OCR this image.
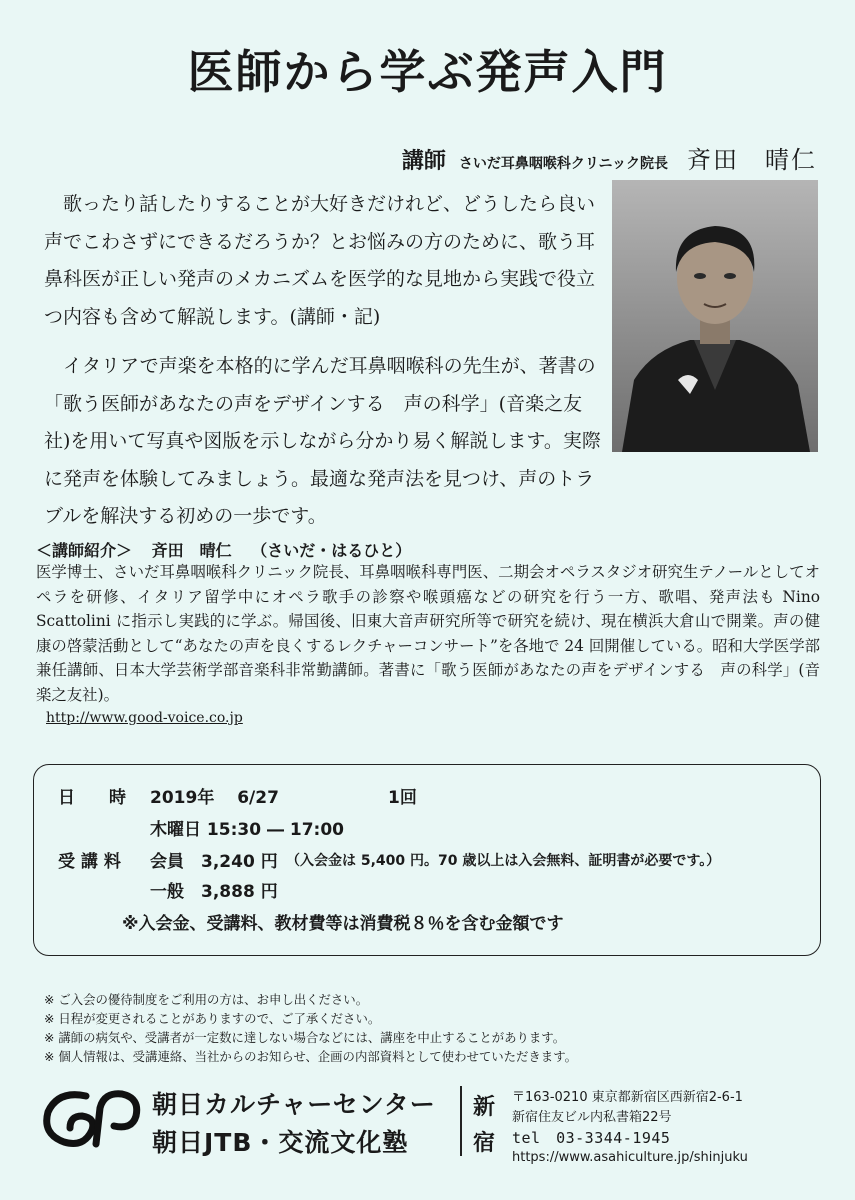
医師から学ぶ発声入門
講師 さいだ耳鼻咽喉科クリニック院長 斉田　晴仁

歌ったり話したりすることが大好きだけれど、どうしたら良い声でこわさずにできるだろうか？とお悩みの方のために、歌う耳鼻科医が正しい発声のメカニズムを医学的な見地から実践で役立つ内容も含めて解説します。(講師・記)

イタリアで声楽を本格的に学んだ耳鼻咽喉科の先生が、著書の「歌う医師があなたの声をデザインする　声の科学」(音楽之友社)を用いて写真や図版を示しながら分かり易く解説します。実際に発声を体験してみましょう。最適な発声法を見つけ、声のトラブルを解決する初めの一歩です。

＜講師紹介＞ 斉田　晴仁 （さいだ・はるひと）
医学博士、さいだ耳鼻咽喉科クリニック院長、耳鼻咽喉科専門医、二期会オペラスタジオ研究生テノールとしてオペラを研修、イタリア留学中にオペラ歌手の診察や喉頭癌などの研究を行う一方、歌唱、発声法も Nino Scattolini に指示し実践的に学ぶ。帰国後、旧東大音声研究所等で研究を続け、現在横浜大倉山で開業。声の健康の啓蒙活動として“あなたの声を良くするレクチャーコンサート”を各地で 24 回開催している。昭和大学医学部兼任講師、日本大学芸術学部音楽科非常勤講師。著書に「歌う医師があなたの声をデザインする　声の科学」(音楽之友社)。
http://www.good-voice.co.jp
日　　時 2019年　 6/27	1回
木曜日 15:30 ― 17:00
受 講 料 会員　3,240 円 （入会金は 5,400 円。70 歳以上は入会無料、証明書が必要です。）
一般　3,888 円
※入会金、受講料、教材費等は消費税８％を含む金額です
※ ご入会の優待制度をご利用の方は、お申し出ください。
※ 日程が変更されることがありますので、ご了承ください。
※ 講師の病気や、受講者が一定数に達しない場合などには、講座を中止することがあります。
※ 個人情報は、受講連絡、当社からのお知らせ、企画の内部資料として使わせていただきます。
朝日カルチャーセンター
朝日JTB・交流文化塾
新
宿
〒163-0210 東京都新宿区西新宿2-6-1
新宿住友ビル内私書箱22号
tel　03-3344-1945
https://www.asahiculture.jp/shinjuku
